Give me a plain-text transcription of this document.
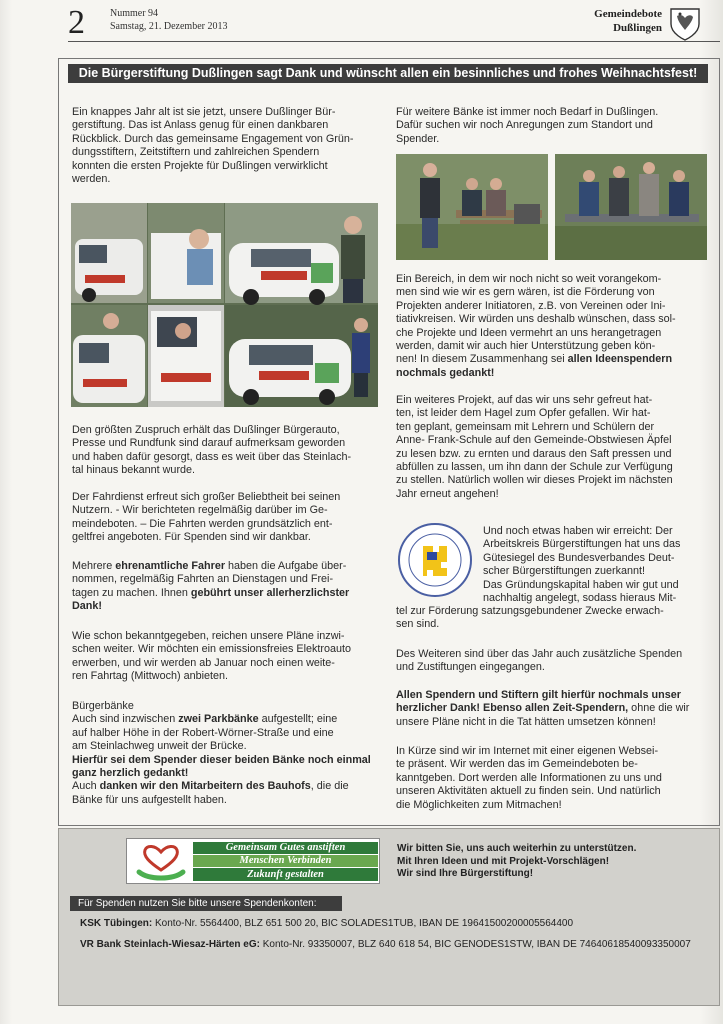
2	Nummer 94
Samstag, 21. Dezember 2013
Gemeindebote
Dußlingen
Die Bürgerstiftung Dußlingen sagt Dank und wünscht allen ein besinnliches und frohes Weihnachtsfest!

Ein knappes Jahr alt ist sie jetzt, unsere Dußlinger Bür-

gerstiftung. Das ist Anlass genug für einen dankbaren

Rückblick. Durch das gemeinsame Engagement von Grün-

dungsstiftern, Zeitstiftern und zahlreichen Spendern

konnten die ersten Projekte für Dußlingen verwirklicht

werden.

Den größten Zuspruch erhält das Dußlinger Bürgerauto,

Presse und Rundfunk sind darauf aufmerksam geworden

und haben dafür gesorgt, dass es weit über das Steinlach-

tal hinaus bekannt wurde.

Der Fahrdienst erfreut sich großer Beliebtheit bei seinen

Nutzern. - Wir berichteten regelmäßig darüber im Ge-

meindeboten. – Die Fahrten werden grundsätzlich ent-

geltfrei angeboten. Für Spenden sind wir dankbar.

Mehrere ehrenamtliche Fahrer haben die Aufgabe über-

nommen, regelmäßig Fahrten an Dienstagen und Frei-

tagen zu machen. Ihnen gebührt unser allerherzlichster

Dank!

Wie schon bekanntgegeben, reichen unsere Pläne inzwi-

schen weiter. Wir möchten ein emissionsfreies Elektroauto

erwerben, und wir werden ab Januar noch einen weite-

ren Fahrtag (Mittwoch) anbieten.

Bürgerbänke

Auch sind inzwischen zwei Parkbänke aufgestellt; eine

auf halber Höhe in der Robert-Wörner-Straße und eine

am Steinlachweg unweit der Brücke.

Hierfür sei dem Spender dieser beiden Bänke noch einmal

ganz herzlich gedankt!

Auch danken wir den Mitarbeitern des Bauhofs, die die

Bänke für uns aufgestellt haben.

Für weitere Bänke ist immer noch Bedarf in Dußlingen.

Dafür suchen wir noch Anregungen zum Standort und

Spender.

Ein Bereich, in dem wir noch nicht so weit vorangekom-

men sind wie wir es gern wären, ist die Förderung von

Projekten anderer Initiatoren, z.B. von Vereinen oder Ini-

tiativkreisen. Wir würden uns deshalb wünschen, dass sol-

che Projekte und Ideen vermehrt an uns herangetragen

werden, damit wir auch hier Unterstützung geben kön-

nen! In diesem Zusammenhang sei allen Ideenspendern

nochmals gedankt!

Ein weiteres Projekt, auf das wir uns sehr gefreut hat-

ten, ist leider dem Hagel zum Opfer gefallen. Wir hat-

ten geplant, gemeinsam mit Lehrern und Schülern der

Anne- Frank-Schule auf den Gemeinde-Obstwiesen Äpfel

zu lesen bzw. zu ernten und daraus den Saft pressen und

abfüllen zu lassen, um ihn dann der Schule zur Verfügung

zu stellen. Natürlich wollen wir dieses Projekt im nächsten

Jahr erneut angehen!

Und noch etwas haben wir erreicht: Der

Arbeitskreis Bürgerstiftungen hat uns das

Gütesiegel des Bundesverbandes Deut-

scher Bürgerstiftungen zuerkannt!

Das Gründungskapital haben wir gut und

nachhaltig angelegt, sodass hieraus Mit-

tel zur Förderung satzungsgebundener Zwecke erwach-

sen sind.

Des Weiteren sind über das Jahr auch zusätzliche Spenden

und Zustiftungen eingegangen.

Allen Spendern und Stiftern gilt hierfür nochmals unser

herzlicher Dank! Ebenso allen Zeit-Spendern, ohne die wir

unsere Pläne nicht in die Tat hätten umsetzen können!

In Kürze sind wir im Internet mit einer eigenen Websei-

te präsent. Wir werden das im Gemeindeboten be-

kanntgeben. Dort werden alle Informationen zu uns und

unseren Aktivitäten aktuell zu finden sein. Und natürlich

die Möglichkeiten zum Mitmachen!

Gemeinsam Gutes anstiften
Menschen Verbinden
Zukunft gestalten

Wir bitten Sie, uns auch weiterhin zu unterstützen.

Mit Ihren Ideen und mit Projekt-Vorschlägen!

Wir sind Ihre Bürgerstiftung!

Für Spenden nutzen Sie bitte unsere Spendenkonten:
KSK Tübingen: Konto-Nr. 5564400, BLZ 651 500 20, BIC SOLADES1TUB, IBAN DE 19641500200005564400
VR Bank Steinlach-Wiesaz-Härten eG: Konto-Nr. 93350007, BLZ 640 618 54, BIC GENODES1STW, IBAN DE 74640618540093350007
